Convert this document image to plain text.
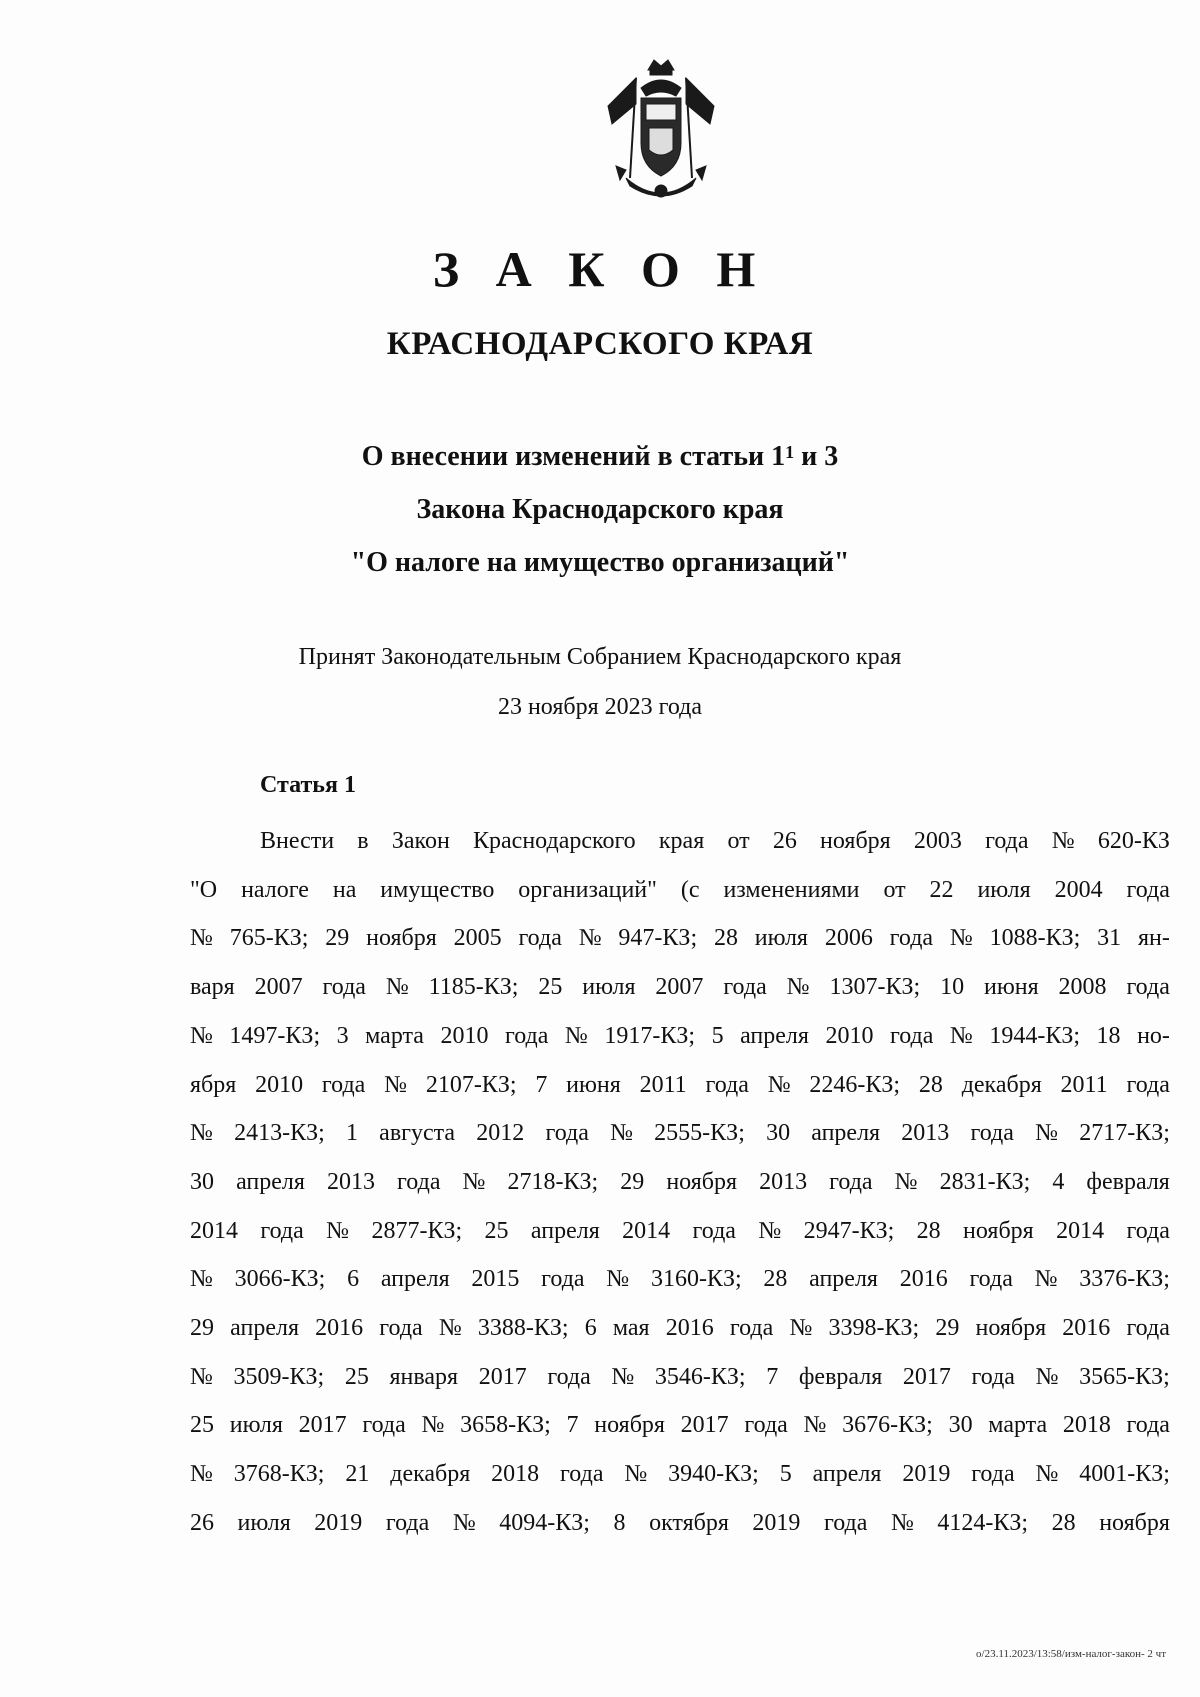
З А К О Н
КРАСНОДАРСКОГО КРАЯ
О внесении изменений в статьи $1^1$ и 3
Закона Краснодарского края
"О налоге на имущество организаций"
Принят Законодательным Собранием Краснодарского края
23 ноября 2023 года
Статья 1
Внести в Закон Краснодарского края от 26 ноября 2003 года № 620-КЗ
"О налоге на имущество организаций" (с изменениями от 22 июля 2004 года
№ 765-КЗ; 29 ноября 2005 года № 947-КЗ; 28 июля 2006 года № 1088-КЗ; 31 ян-
варя 2007 года № 1185-КЗ; 25 июля 2007 года № 1307-КЗ; 10 июня 2008 года
№ 1497-КЗ; 3 марта 2010 года № 1917-КЗ; 5 апреля 2010 года № 1944-КЗ; 18 но-
ября 2010 года № 2107-КЗ; 7 июня 2011 года № 2246-КЗ; 28 декабря 2011 года
№ 2413-КЗ; 1 августа 2012 года № 2555-КЗ; 30 апреля 2013 года № 2717-КЗ;
30 апреля 2013 года № 2718-КЗ; 29 ноября 2013 года № 2831-КЗ; 4 февраля
2014 года № 2877-КЗ; 25 апреля 2014 года № 2947-КЗ; 28 ноября 2014 года
№ 3066-КЗ; 6 апреля 2015 года № 3160-КЗ; 28 апреля 2016 года № 3376-КЗ;
29 апреля 2016 года № 3388-КЗ; 6 мая 2016 года № 3398-КЗ; 29 ноября 2016 года
№ 3509-КЗ; 25 января 2017 года № 3546-КЗ; 7 февраля 2017 года № 3565-КЗ;
25 июля 2017 года № 3658-КЗ; 7 ноября 2017 года № 3676-КЗ; 30 марта 2018 года
№ 3768-КЗ; 21 декабря 2018 года № 3940-КЗ; 5 апреля 2019 года № 4001-КЗ;
26 июля 2019 года № 4094-КЗ; 8 октября 2019 года № 4124-КЗ; 28 ноября
о/23.11.2023/13:58/изм-налог-закон- 2 чт
